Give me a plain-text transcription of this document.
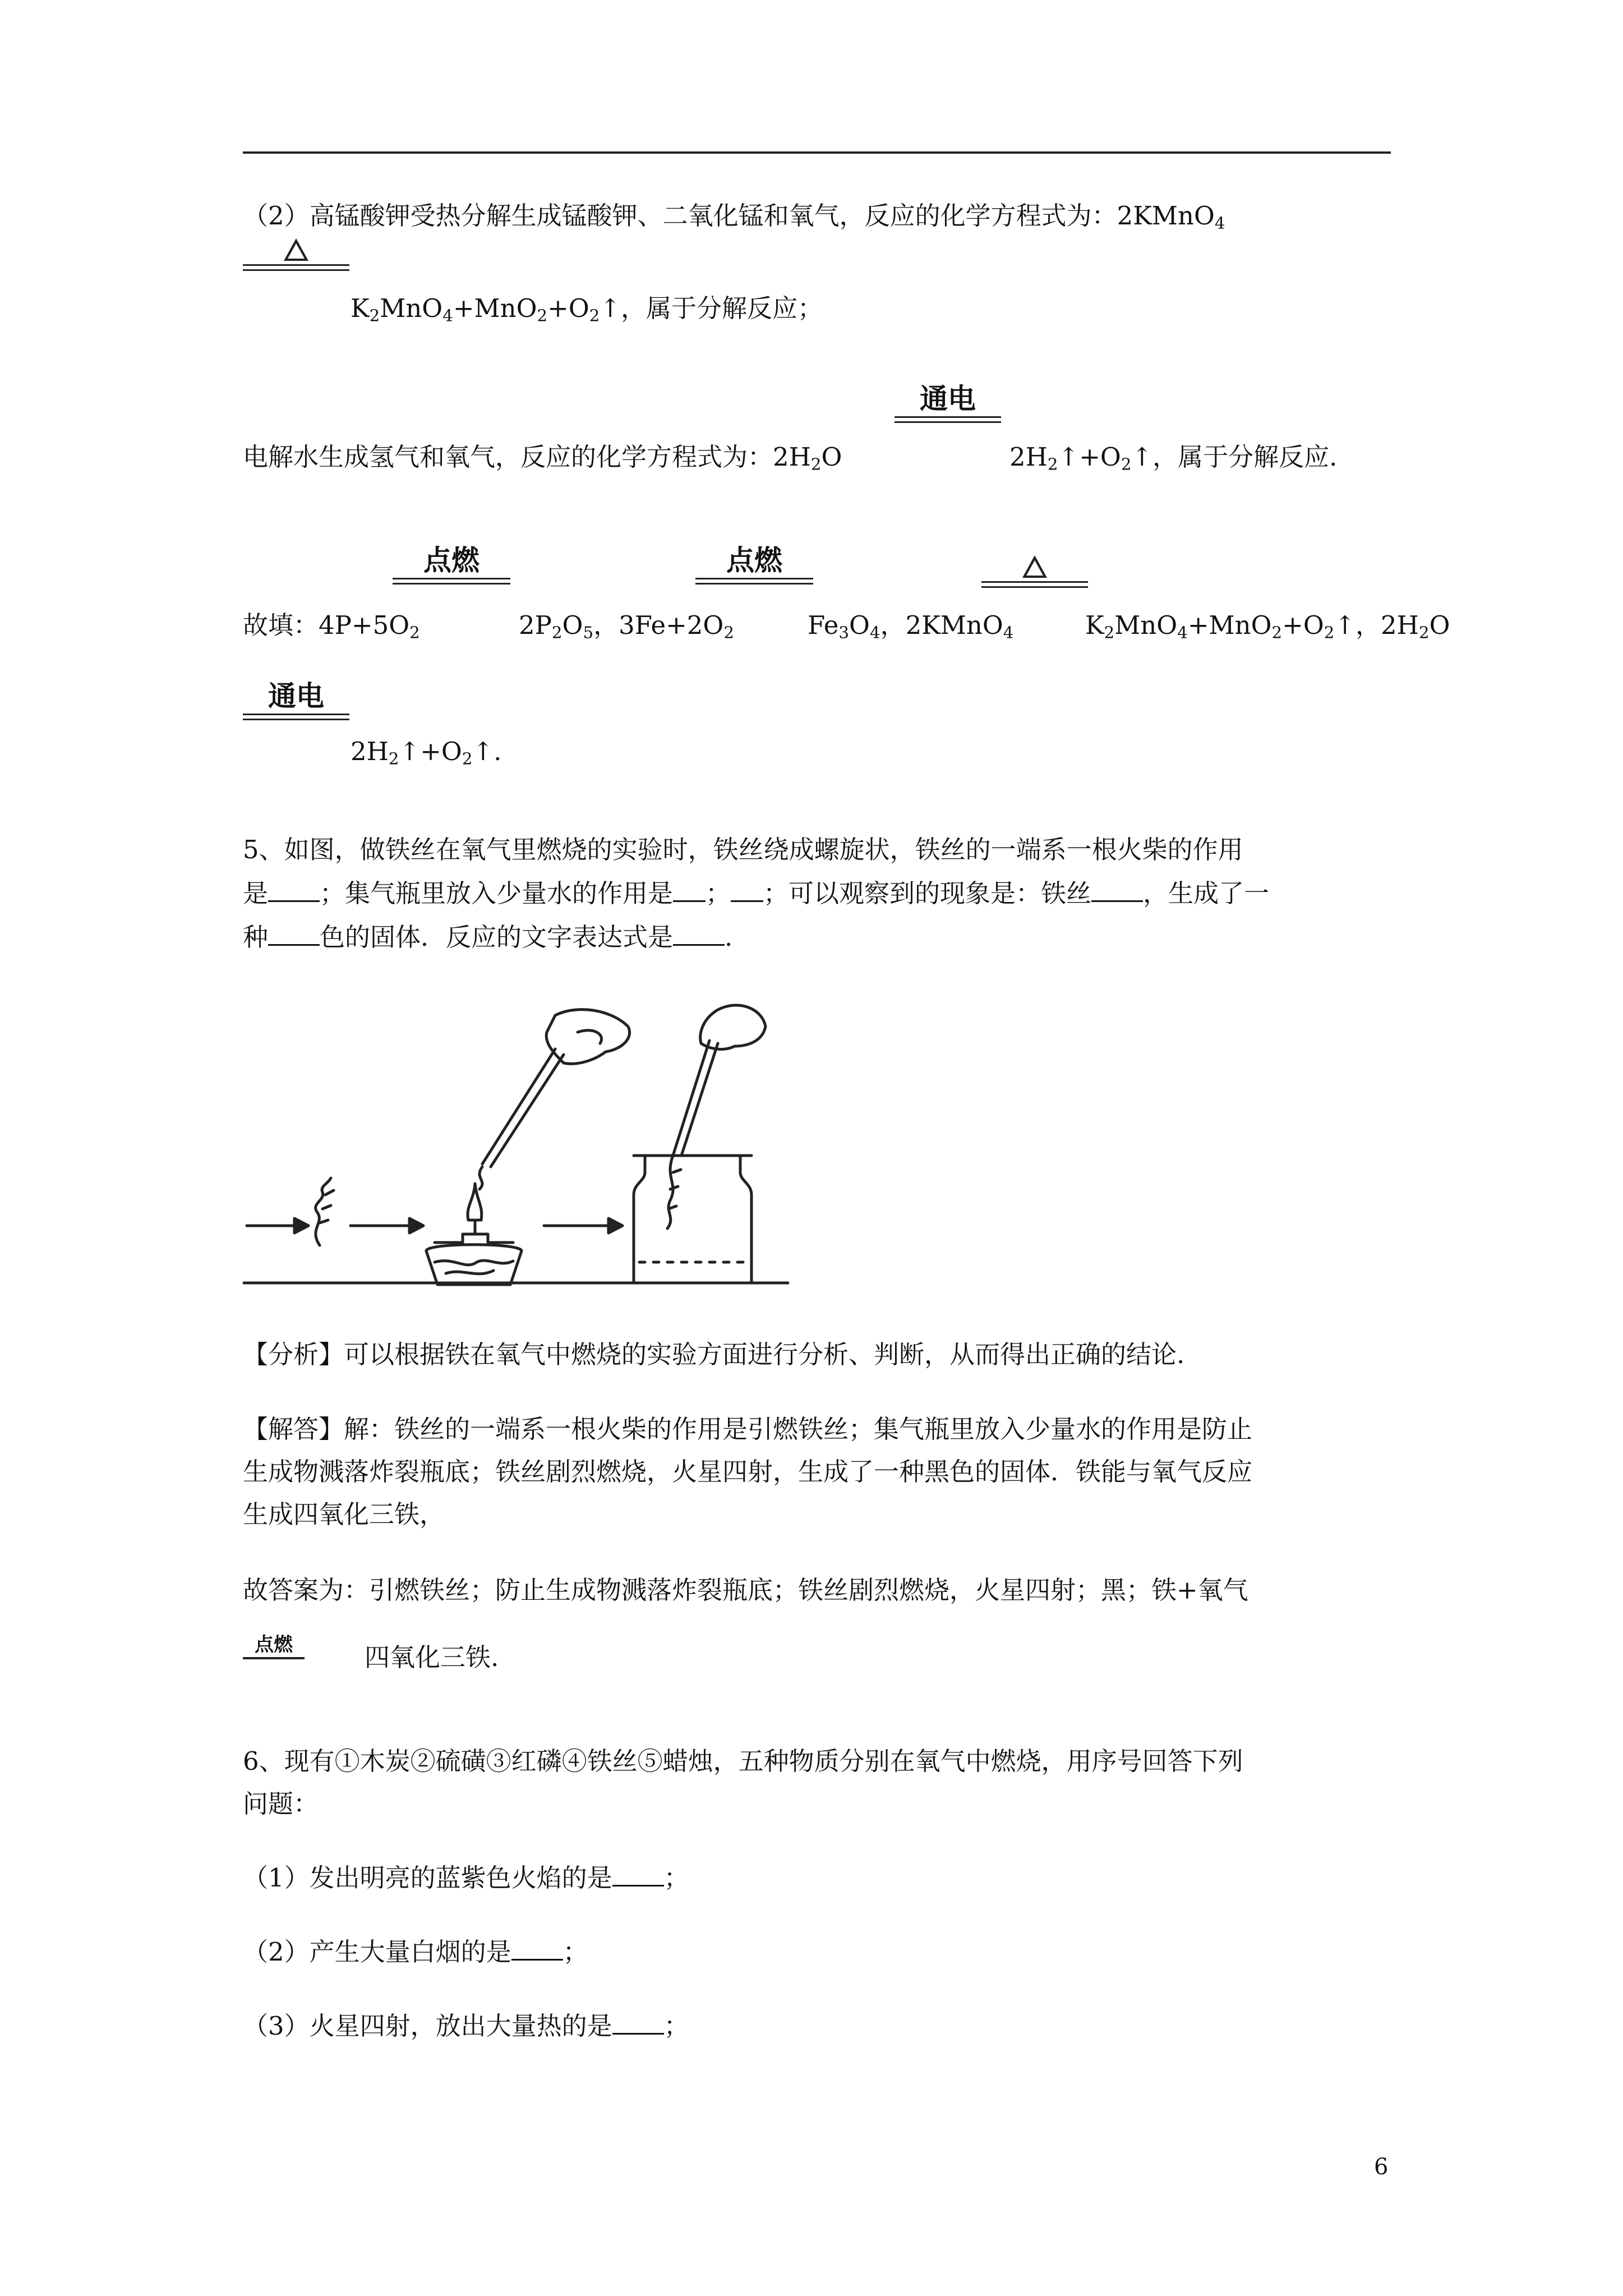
（2）高锰酸钾受热分解生成锰酸钾、二氧化锰和氧气，反应的化学方程式为：2KMnO$_4$
$K_2MnO_4+MnO_2+O_2↑$，属于分解反应；
通电
电解水生成氢气和氧气，反应的化学方程式为：$2H_2O$	$2H_2↑+O_2↑$，属于分解反应.
点燃	点燃
故填：$4P+5O_2$	$2P_2O_5$，$3Fe+2O_2$	$Fe_3O_4$，2KMnO$_4$	$K_2MnO_4+MnO_2+O_2↑$，$2H_2O$
通电
$2H_2↑+O_2↑$.
5、如图，做铁丝在氧气里燃烧的实验时，铁丝绕成螺旋状，铁丝的一端系一根火柴的作用
是 ；集气瓶里放入少量水的作用是 ； ；可以观察到的现象是：铁丝 ，生成了一
种 色的固体．反应的文字表达式是 .
【分析】可以根据铁在氧气中燃烧的实验方面进行分析、判断，从而得出正确的结论.
【解答】解：铁丝的一端系一根火柴的作用是引燃铁丝；集气瓶里放入少量水的作用是防止
生成物溅落炸裂瓶底；铁丝剧烈燃烧，火星四射，生成了一种黑色的固体．铁能与氧气反应
生成四氧化三铁，
故答案为：引燃铁丝；防止生成物溅落炸裂瓶底；铁丝剧烈燃烧，火星四射；黑；铁+氧气
点燃	四氧化三铁.
6、现有①木炭②硫磺③红磷④铁丝⑤蜡烛，五种物质分别在氧气中燃烧，用序号回答下列
问题：
（1）发出明亮的蓝紫色火焰的是 ；
（2）产生大量白烟的是 ；
（3）火星四射，放出大量热的是 ；
6
